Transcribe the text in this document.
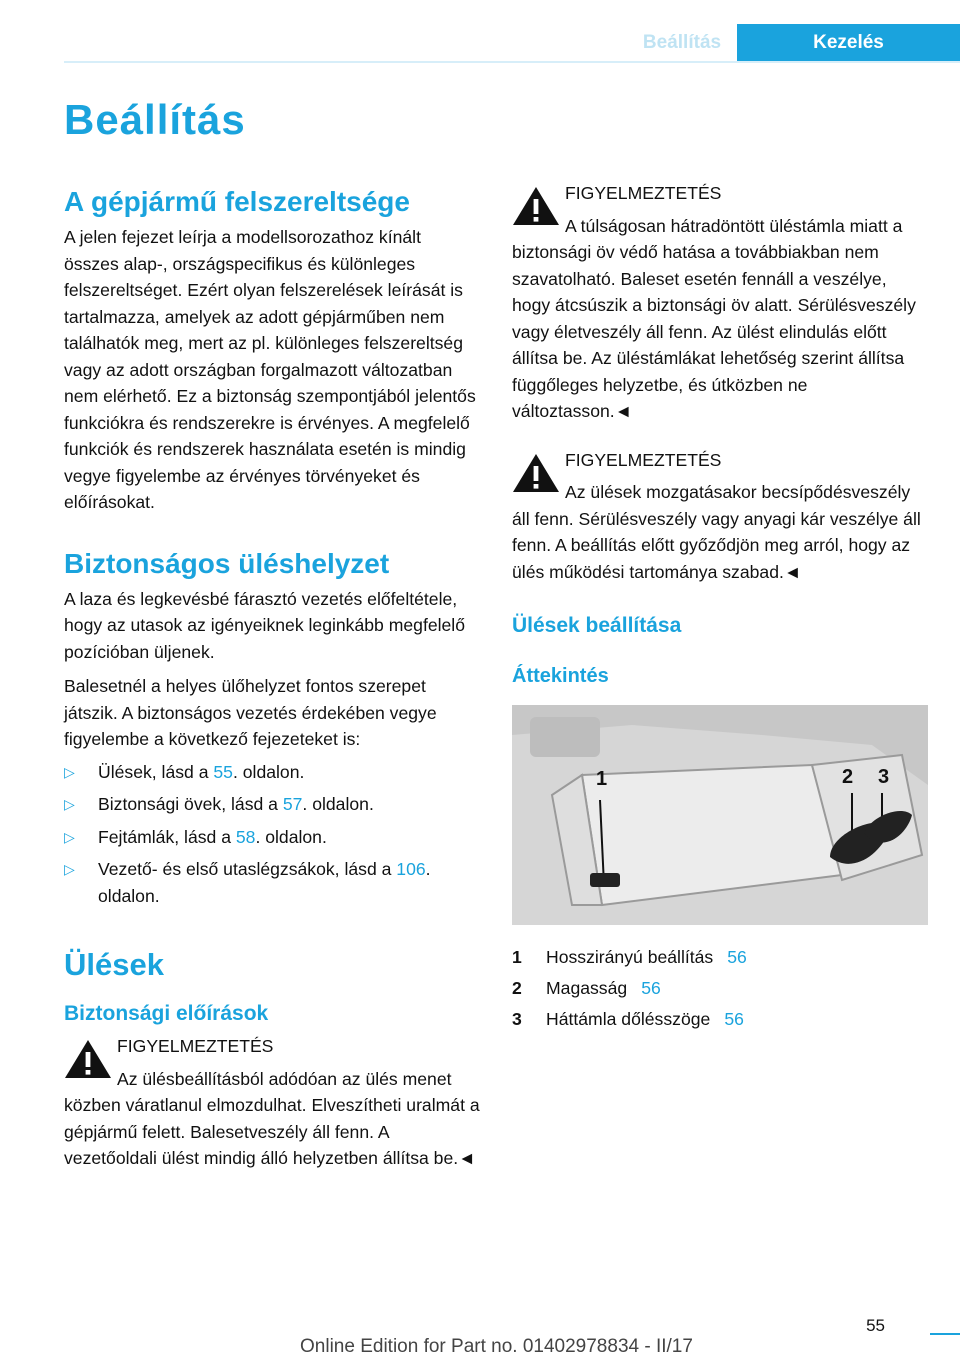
Beállítás	Kezelés
Beállítás
A gépjármű felszereltsége

A jelen fejezet leírja a modellsorozathoz kínált összes alap-, országspecifikus és különleges felszereltséget. Ezért olyan felszerelések leírását is tartalmazza, amelyek az adott gépjárműben nem találhatók meg, mert az pl. különleges felszereltség vagy az adott országban forgalmazott változatban nem elérhető. Ez a biztonság szempontjából jelentős funkciókra és rendszerekre is érvényes. A megfelelő funkciók és rendszerek használata esetén is mindig vegye figyelembe az érvényes törvényeket és előírásokat.

Biztonságos üléshelyzet

A laza és legkevésbé fárasztó vezetés előfeltétele, hogy az utasok az igényeiknek leginkább megfelelő pozícióban üljenek.

Balesetnél a helyes ülőhelyzet fontos szerepet játszik. A biztonságos vezetés érdekében vegye figyelembe a következő fejezeteket is:

▷ Ülések, lásd a 55. oldalon.
▷ Biztonsági övek, lásd a 57. oldalon.
▷ Fejtámlák, lásd a 58. oldalon.
▷ Vezető- és első utaslégzsákok, lásd a 106. oldalon.
Ülések
Biztonsági előírások

FIGYELMEZTETÉS

Az ülésbeállításból adódóan az ülés menet közben váratlanul elmozdulhat. Elveszítheti uralmát a gépjármű felett. Balesetveszély áll fenn. A vezetőoldali ülést mindig álló helyzetben állítsa be.◄

FIGYELMEZTETÉS

A túlságosan hátradöntött üléstámla miatt a biztonsági öv védő hatása a továbbiakban nem szavatolható. Baleset esetén fennáll a veszélye, hogy átcsúszik a biztonsági öv alatt. Sérülésveszély vagy életveszély áll fenn. Az ülést elindulás előtt állítsa be. Az üléstámlákat lehetőség szerint állítsa függőleges helyzetbe, és útközben ne változtasson.◄

FIGYELMEZTETÉS

Az ülések mozgatásakor becsípődésveszély áll fenn. Sérülésveszély vagy anyagi kár veszélye áll fenn. A beállítás előtt győződjön meg arról, hogy az ülés működési tartománya szabad.◄

Ülések beállítása
Áttekintés
1	2 3
1	Hosszirányú beállítás 56
2	Magasság 56
3	Háttámla dőlésszöge 56
55
Online Edition for Part no. 01402978834 - II/17
